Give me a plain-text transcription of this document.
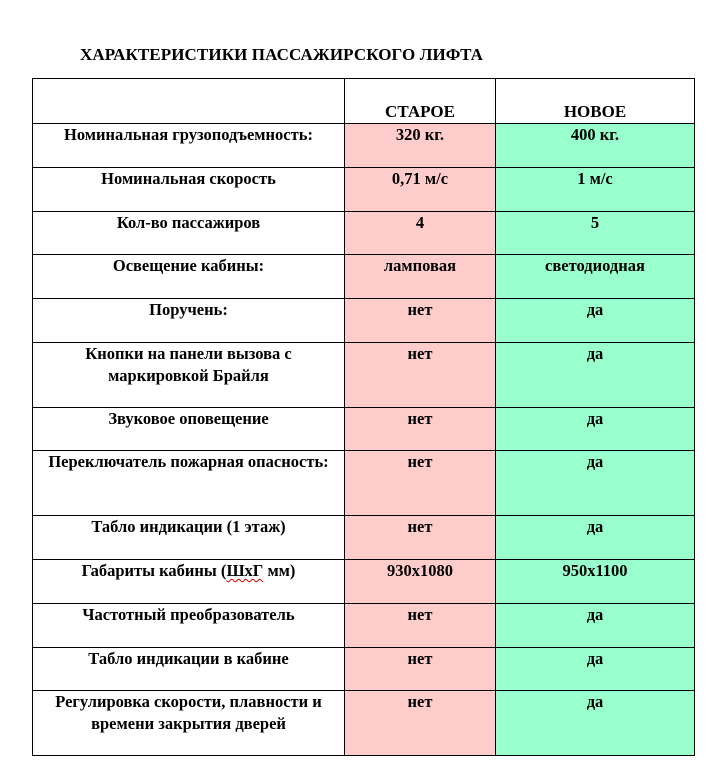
ХАРАКТЕРИСТИКИ ПАССАЖИРСКОГО ЛИФТА
	СТАРОЕ	НОВОЕ
Номинальная грузоподъемность:	320 кг.	400 кг.
Номинальная скорость	0,71 м/с	1 м/с
Кол-во пассажиров	4	5
Освещение кабины:	ламповая	светодиодная
Поручень:	нет	да
Кнопки на панели вызова с маркировкой Брайля	нет	да
Звуковое оповещение	нет	да
Переключатель пожарная опасность:	нет	да
Табло индикации (1 этаж)	нет	да
Габариты кабины (ШхГ мм)	930х1080	950х1100
Частотный преобразователь	нет	да
Табло индикации в кабине	нет	да
Регулировка скорости, плавности и времени закрытия дверей	нет	да
